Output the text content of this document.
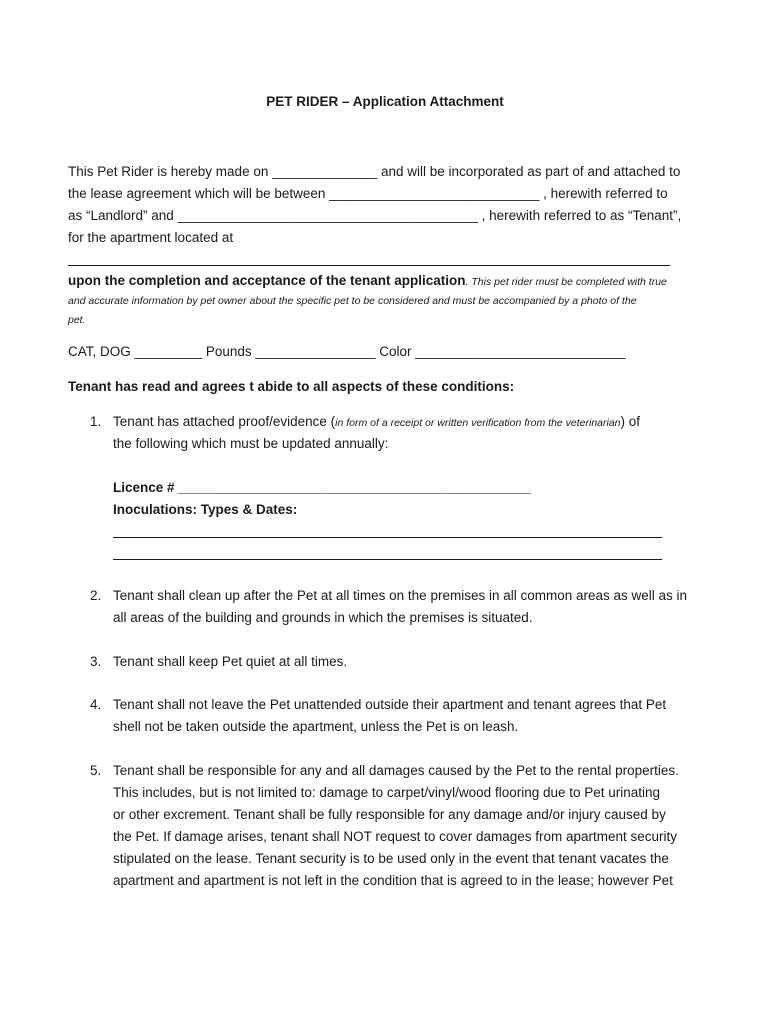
PET RIDER – Application Attachment
This Pet Rider is hereby made on ______________ and will be incorporated as part of and attached to
the lease agreement which will be between ____________________________ , herewith referred to
as “Landlord” and ________________________________________ , herewith referred to as “Tenant”,
for the apartment located at
upon the completion and acceptance of the tenant application. This pet rider must be completed with true
and accurate information by pet owner about the specific pet to be considered and must be accompanied by a photo of the
pet.
CAT, DOG _________ Pounds ________________ Color ____________________________
Tenant has read and agrees t abide to all aspects of these conditions:
1. Tenant has attached proof/evidence (in form of a receipt or written verification from the veterinarian) of
the following which must be updated annually:
Licence # _______________________________________________
Inoculations: Types & Dates:
2. Tenant shall clean up after the Pet at all times on the premises in all common areas as well as in
all areas of the building and grounds in which the premises is situated.
3. Tenant shall keep Pet quiet at all times.
4. Tenant shall not leave the Pet unattended outside their apartment and tenant agrees that Pet
shell not be taken outside the apartment, unless the Pet is on leash.
5. Tenant shall be responsible for any and all damages caused by the Pet to the rental properties.
This includes, but is not limited to: damage to carpet/vinyl/wood flooring due to Pet urinating
or other excrement. Tenant shall be fully responsible for any damage and/or injury caused by
the Pet. If damage arises, tenant shall NOT request to cover damages from apartment security
stipulated on the lease. Tenant security is to be used only in the event that tenant vacates the
apartment and apartment is not left in the condition that is agreed to in the lease; however Pet
